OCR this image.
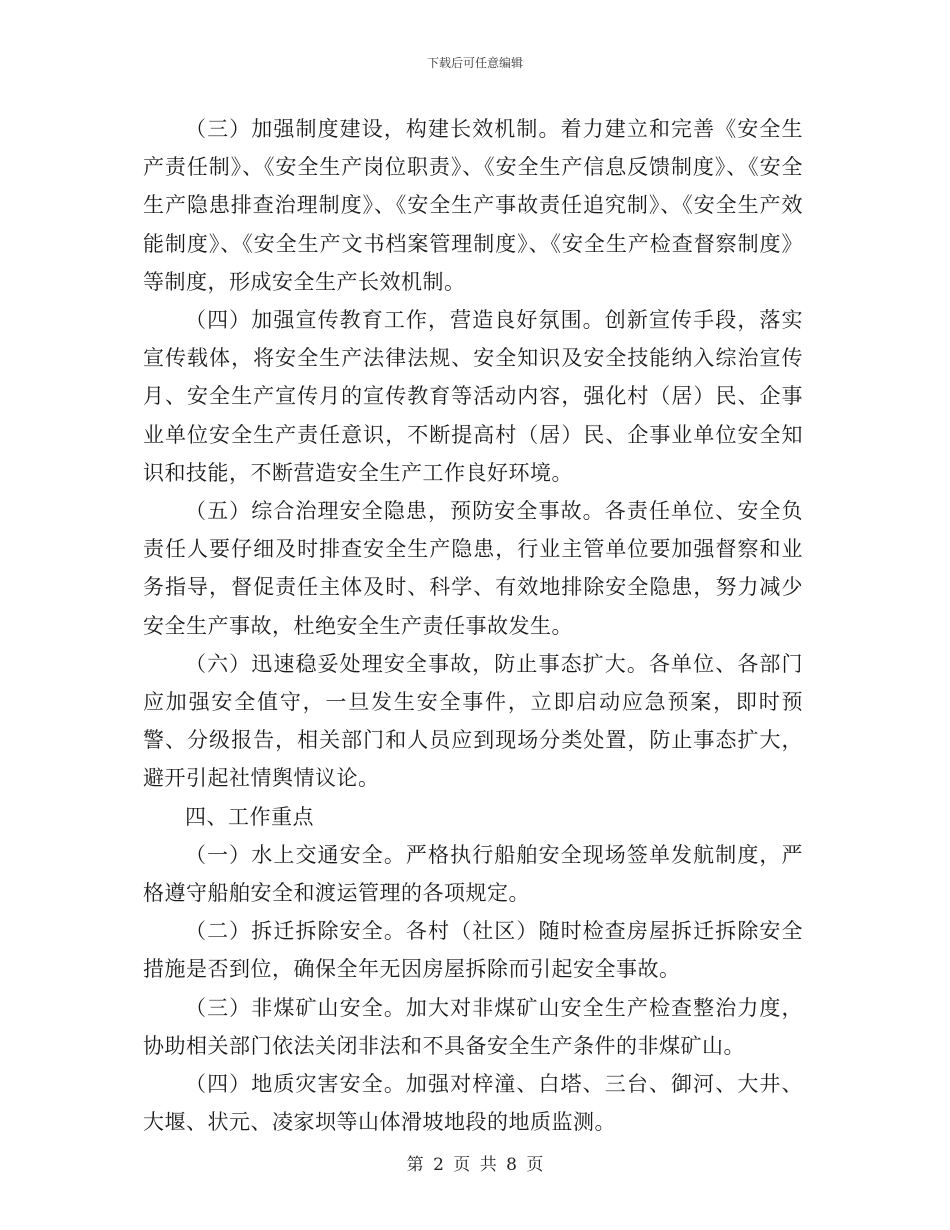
下载后可任意编辑

（三）加强制度建设，构建长效机制。着力建立和完善《安全生产责任制》、《安全生产岗位职责》、《安全生产信息反馈制度》、《安全生产隐患排查治理制度》、《安全生产事故责任追究制》、《安全生产效能制度》、《安全生产文书档案管理制度》、《安全生产检查督察制度》等制度，形成安全生产长效机制。

（四）加强宣传教育工作，营造良好氛围。创新宣传手段，落实宣传载体，将安全生产法律法规、安全知识及安全技能纳入综治宣传月、安全生产宣传月的宣传教育等活动内容，强化村（居）民、企事业单位安全生产责任意识，不断提高村（居）民、企事业单位安全知识和技能，不断营造安全生产工作良好环境。

（五）综合治理安全隐患，预防安全事故。各责任单位、安全负责任人要仔细及时排查安全生产隐患，行业主管单位要加强督察和业务指导，督促责任主体及时、科学、有效地排除安全隐患，努力减少安全生产事故，杜绝安全生产责任事故发生。

（六）迅速稳妥处理安全事故，防止事态扩大。各单位、各部门应加强安全值守，一旦发生安全事件，立即启动应急预案，即时预警、分级报告，相关部门和人员应到现场分类处置，防止事态扩大，避开引起社情舆情议论。

四、工作重点

（一）水上交通安全。严格执行船舶安全现场签单发航制度，严格遵守船舶安全和渡运管理的各项规定。

（二）拆迁拆除安全。各村（社区）随时检查房屋拆迁拆除安全措施是否到位，确保全年无因房屋拆除而引起安全事故。

（三）非煤矿山安全。加大对非煤矿山安全生产检查整治力度，协助相关部门依法关闭非法和不具备安全生产条件的非煤矿山。

（四）地质灾害安全。加强对梓潼、白塔、三台、御河、大井、大堰、状元、凌家坝等山体滑坡地段的地质监测。

第 2 页 共 8 页
